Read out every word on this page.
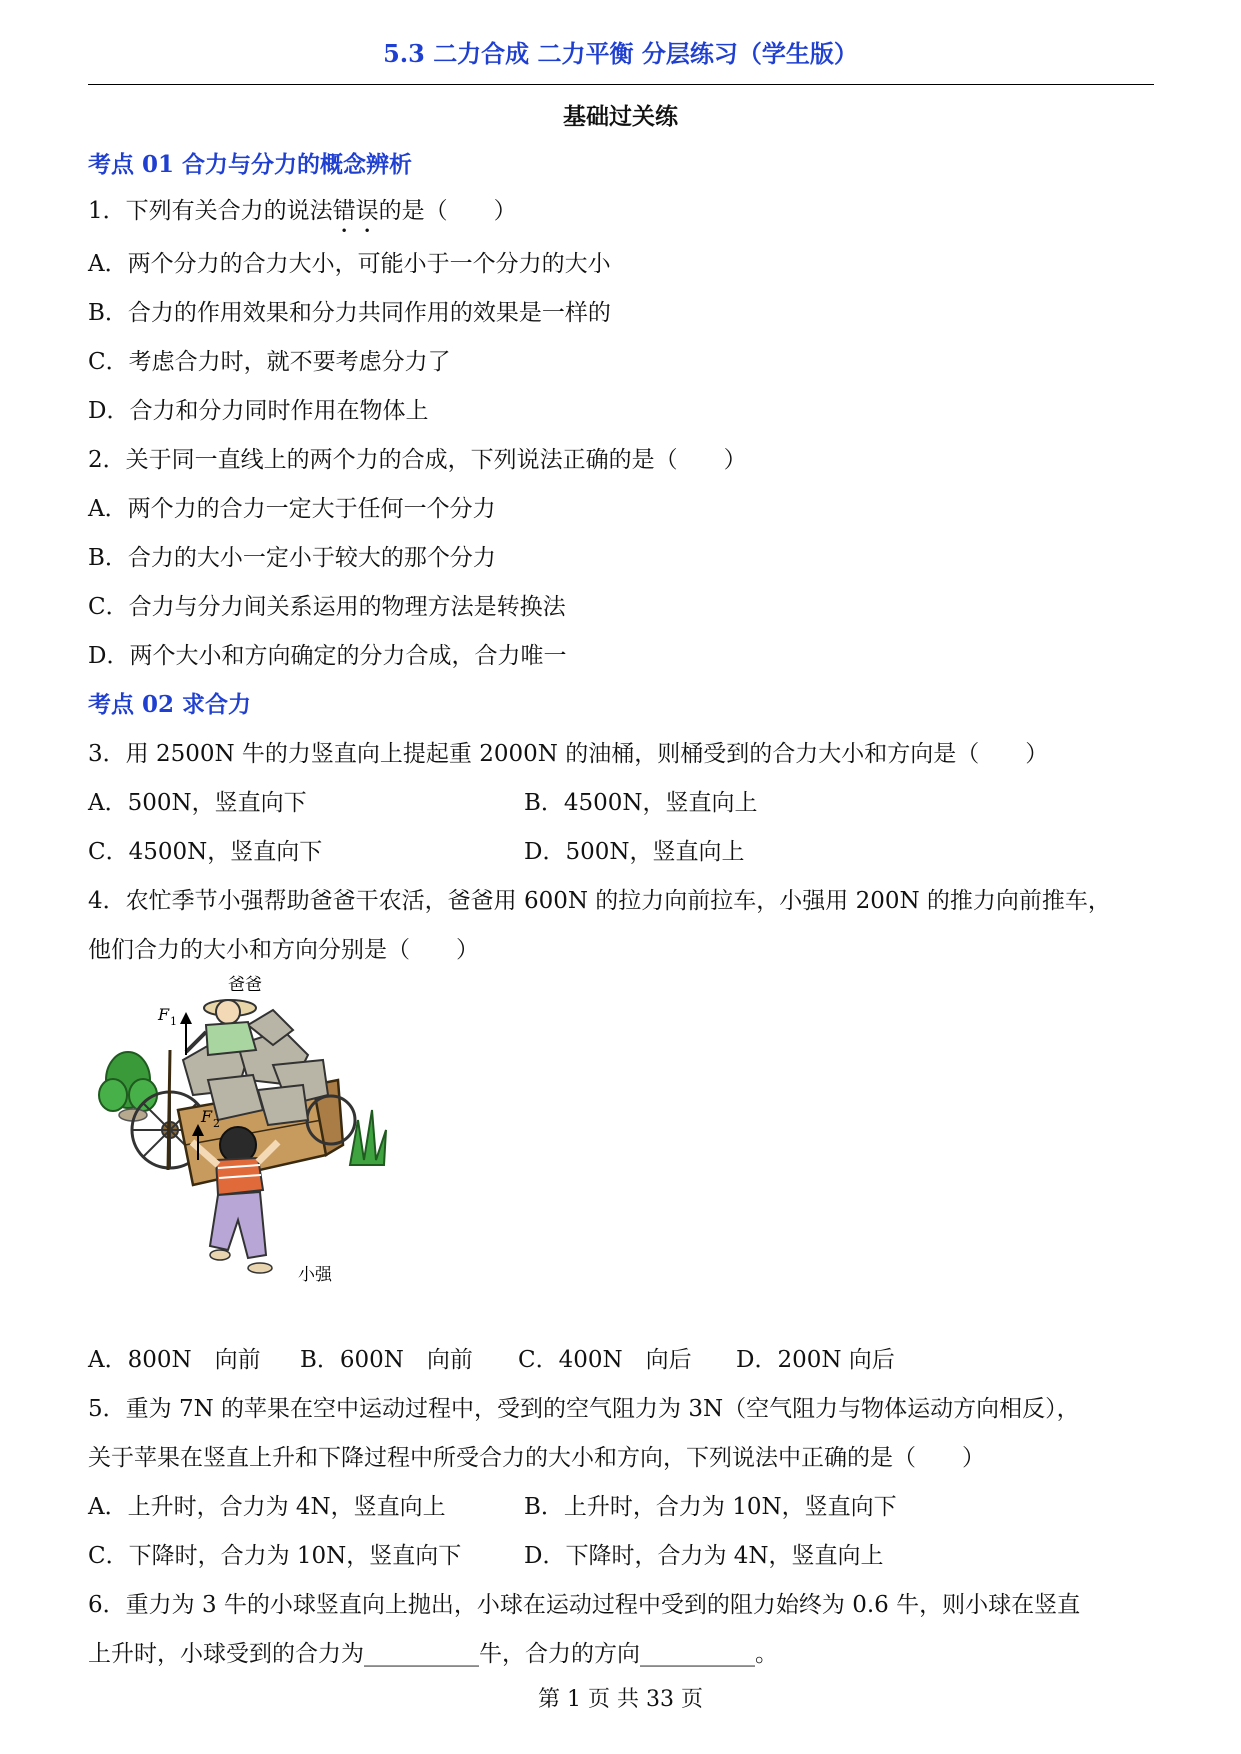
5.3 二力合成 二力平衡 分层练习（学生版）
基础过关练
考点 01 合力与分力的概念辨析
1．下列有关合力的说法错误的是（　　）
A．两个分力的合力大小，可能小于一个分力的大小
B．合力的作用效果和分力共同作用的效果是一样的
C．考虑合力时，就不要考虑分力了
D．合力和分力同时作用在物体上
2．关于同一直线上的两个力的合成，下列说法正确的是（　　）
A．两个力的合力一定大于任何一个分力
B．合力的大小一定小于较大的那个分力
C．合力与分力间关系运用的物理方法是转换法
D．两个大小和方向确定的分力合成，合力唯一
考点 02 求合力
3．用 2500N 牛的力竖直向上提起重 2000N 的油桶，则桶受到的合力大小和方向是（　　）
A．500N，竖直向下	B．4500N，竖直向上
C．4500N，竖直向下	D．500N，竖直向上
4．农忙季节小强帮助爸爸干农活，爸爸用 600N 的拉力向前拉车，小强用 200N 的推力向前推车，
他们合力的大小和方向分别是（　　）
F 1
F 2
爸爸
小强
A．800N　向前 B．600N　向前 C．400N　向后 D．200N 向后
5．重为 7N 的苹果在空中运动过程中，受到的空气阻力为 3N（空气阻力与物体运动方向相反），
关于苹果在竖直上升和下降过程中所受合力的大小和方向，下列说法中正确的是（　　）
A．上升时，合力为 4N，竖直向上	B．上升时，合力为 10N，竖直向下
C．下降时，合力为 10N，竖直向下	D．下降时，合力为 4N，竖直向上
6．重力为 3 牛的小球竖直向上抛出，小球在运动过程中受到的阻力始终为 0.6 牛，则小球在竖直
上升时，小球受到的合力为__________牛，合力的方向__________。
第 1 页 共 33 页
